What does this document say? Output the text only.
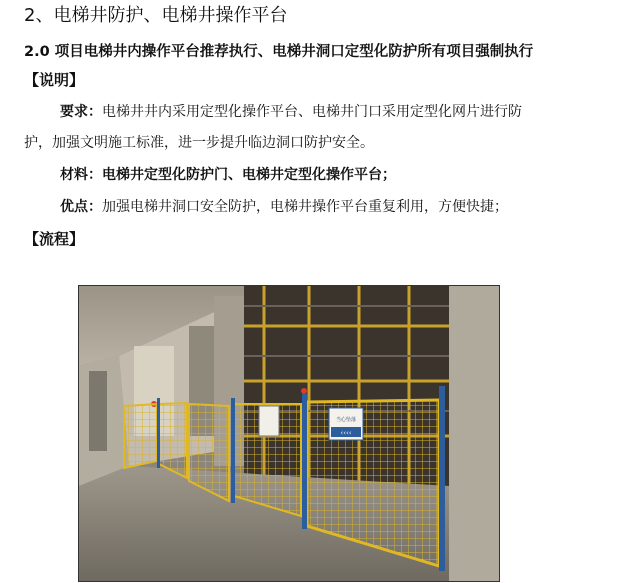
2、电梯井防护、电梯井操作平台
2.0 项目电梯井内操作平台推荐执行、电梯井洞口定型化防护所有项目强制执行
【说明】
要求：电梯井井内采用定型化操作平台、电梯井门口采用定型化网片进行防
护，加强文明施工标准，进一步提升临边洞口防护安全。
材料：电梯井定型化防护门、电梯井定型化操作平台；
优点：加强电梯井洞口安全防护，电梯井操作平台重复利用，方便快捷；
【流程】
当心坠落
‹‹‹‹
